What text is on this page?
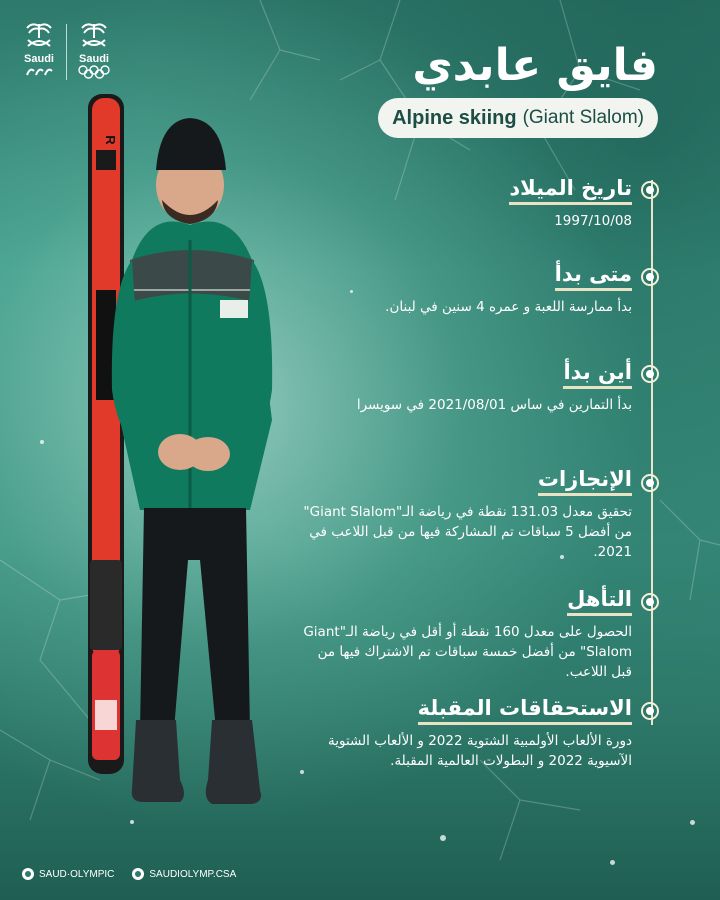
Saudi Saudi
R
فايق عابدي
Alpine skiing (Giant Slalom)
تاريخ الميلاد
1997/10/08
متى بدأ
بدأ ممارسة اللعبة و عمره 4 سنين في لبنان.
أين بدأ
بدأ التمارين في ساس 2021/08/01 في سويسرا
الإنجازات
تحقيق معدل 131.03 نقطة في رياضة الـ"Giant Slalom" من أفضل 5 سباقات تم المشاركة فيها من قبل اللاعب في 2021.
التأهل
الحصول على معدل 160 نقطة أو أقل في رياضة الـ"Giant Slalom" من أفضل خمسة سباقات تم الاشتراك فيها من قبل اللاعب.
الاستحقاقات المقبلة
دورة الألعاب الأولمبية الشتوية 2022 و الألعاب الشتوية الآسيوية 2022 و البطولات العالمية المقبلة.
SAUD·OLYMPIC	SAUDIOLYMP.CSA
